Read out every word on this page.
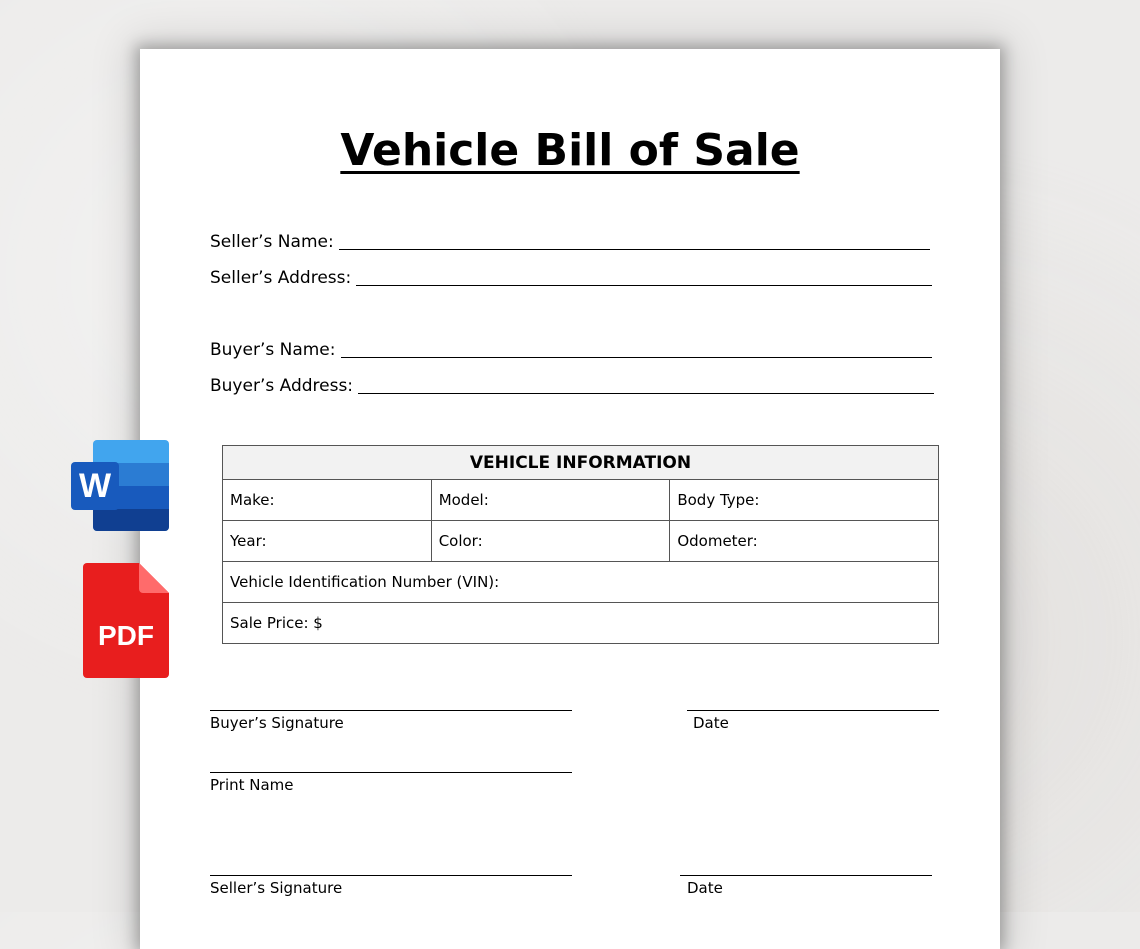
Vehicle Bill of Sale
Seller’s Name:
Seller’s Address:
Buyer’s Name:
Buyer’s Address:
VEHICLE INFORMATION		
Make:	Model:	Body Type:
Year:	Color:	Odometer:
Vehicle Identification Number (VIN):		
Sale Price: $		
Buyer’s Signature	Date
Print Name
Seller’s Signature	Date
W
PDF
